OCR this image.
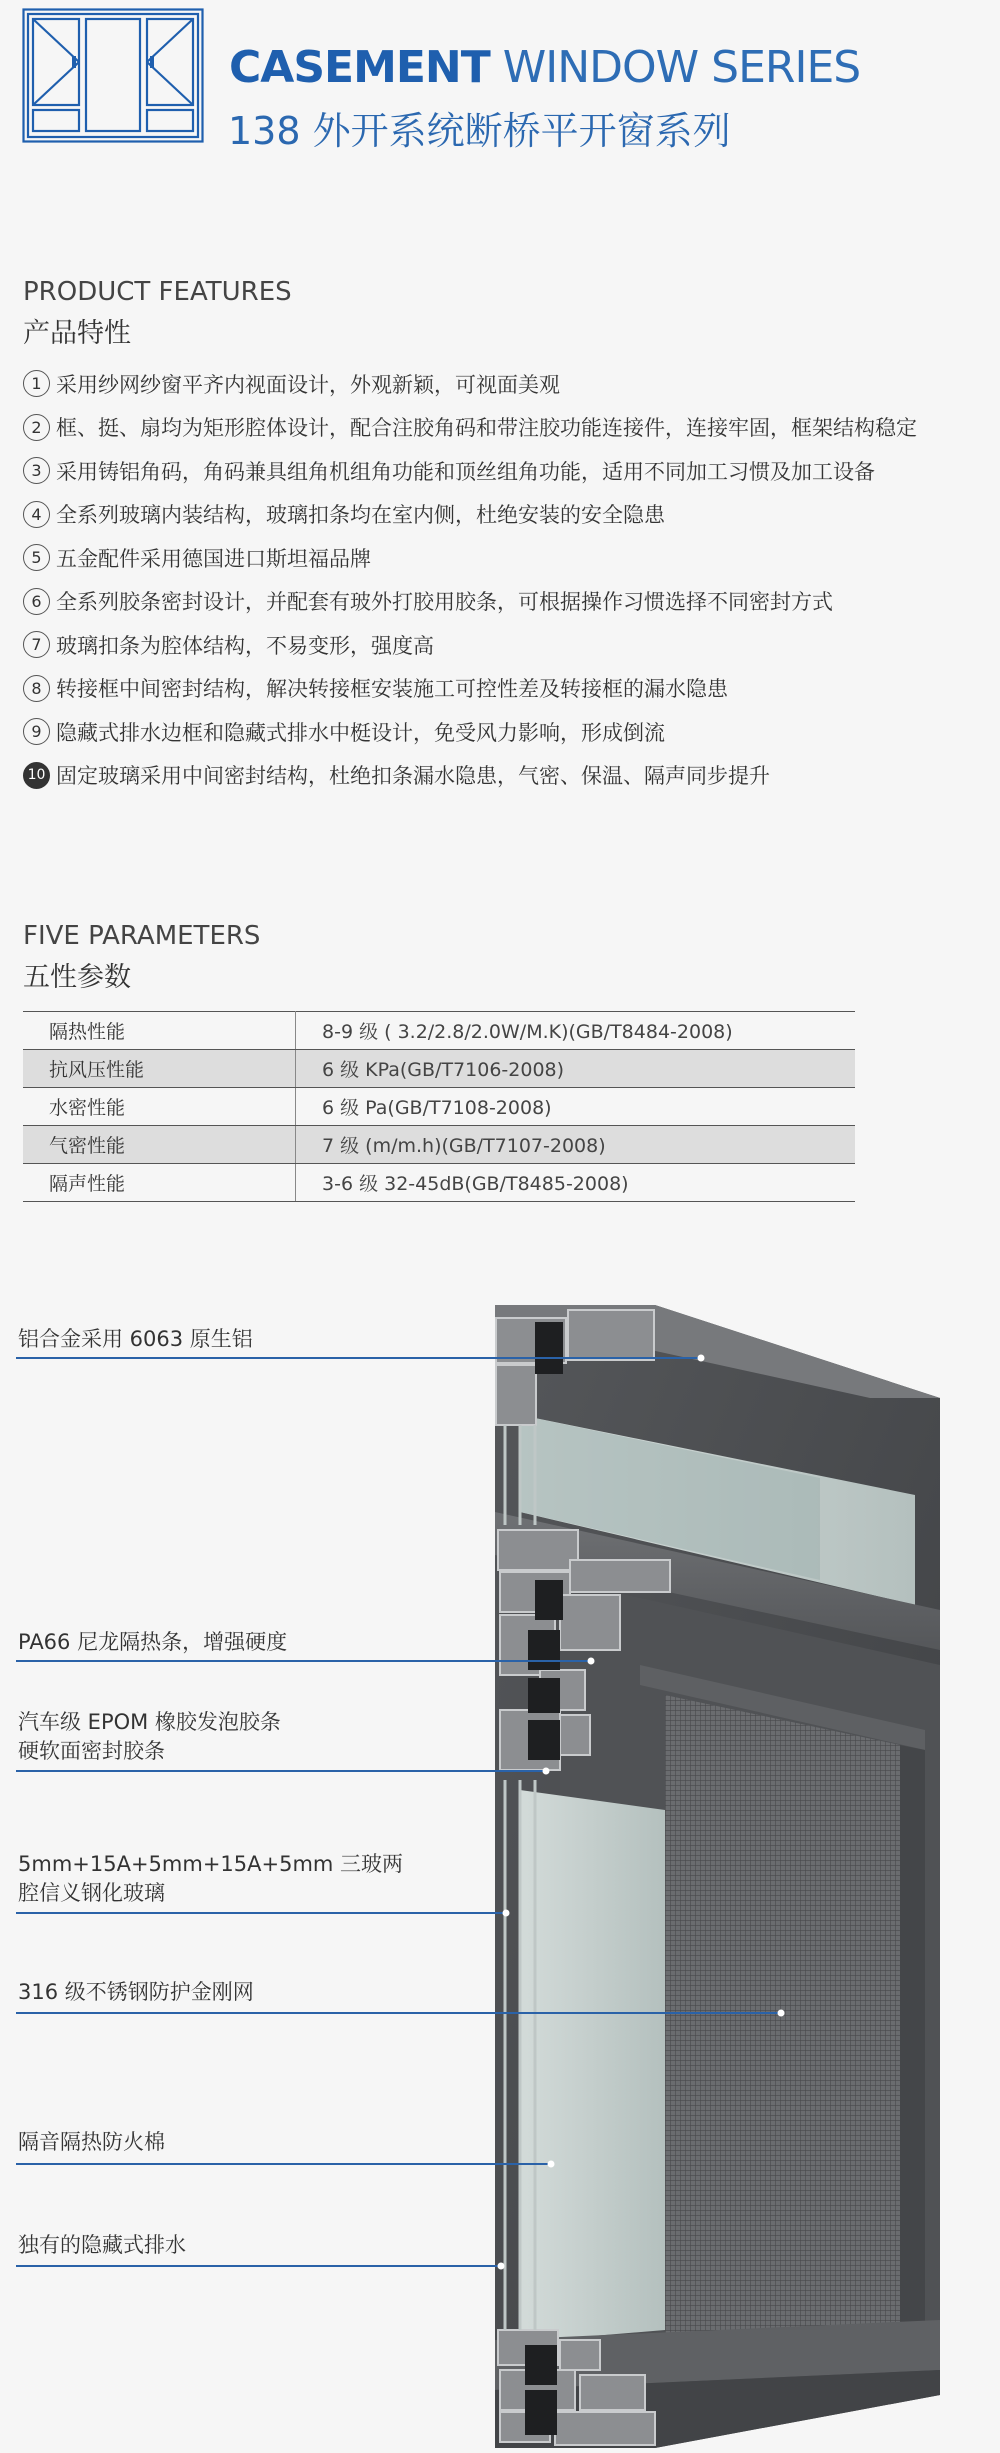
CASEMENT WINDOW SERIES
138 外开系统断桥平开窗系列
PRODUCT FEATURES
产品特性
1 采用纱网纱窗平齐内视面设计，外观新颖，可视面美观
2 框、挺、扇均为矩形腔体设计，配合注胶角码和带注胶功能连接件，连接牢固，框架结构稳定
3 采用铸铝角码，角码兼具组角机组角功能和顶丝组角功能，适用不同加工习惯及加工设备
4 全系列玻璃内装结构，玻璃扣条均在室内侧，杜绝安装的安全隐患
5 五金配件采用德国进口斯坦福品牌
6 全系列胶条密封设计，并配套有玻外打胶用胶条，可根据操作习惯选择不同密封方式
7 玻璃扣条为腔体结构，不易变形，强度高
8 转接框中间密封结构，解决转接框安装施工可控性差及转接框的漏水隐患
9 隐藏式排水边框和隐藏式排水中梃设计，免受风力影响，形成倒流
10 固定玻璃采用中间密封结构，杜绝扣条漏水隐患，气密、保温、隔声同步提升
FIVE PARAMETERS
五性参数
隔热性能	8-9 级 ( 3.2/2.8/2.0W/M.K)(GB/T8484-2008)
抗风压性能	6 级 KPa(GB/T7106-2008)
水密性能	6 级 Pa(GB/T7108-2008)
气密性能	7 级 (m/m.h)(GB/T7107-2008)
隔声性能	3-6 级 32-45dB(GB/T8485-2008)
铝合金采用 6063 原生铝
PA66 尼龙隔热条，增强硬度
汽车级 EPOM 橡胶发泡胶条
硬软面密封胶条
5mm+15A+5mm+15A+5mm 三玻两
腔信义钢化玻璃
316 级不锈钢防护金刚网
隔音隔热防火棉
独有的隐藏式排水
